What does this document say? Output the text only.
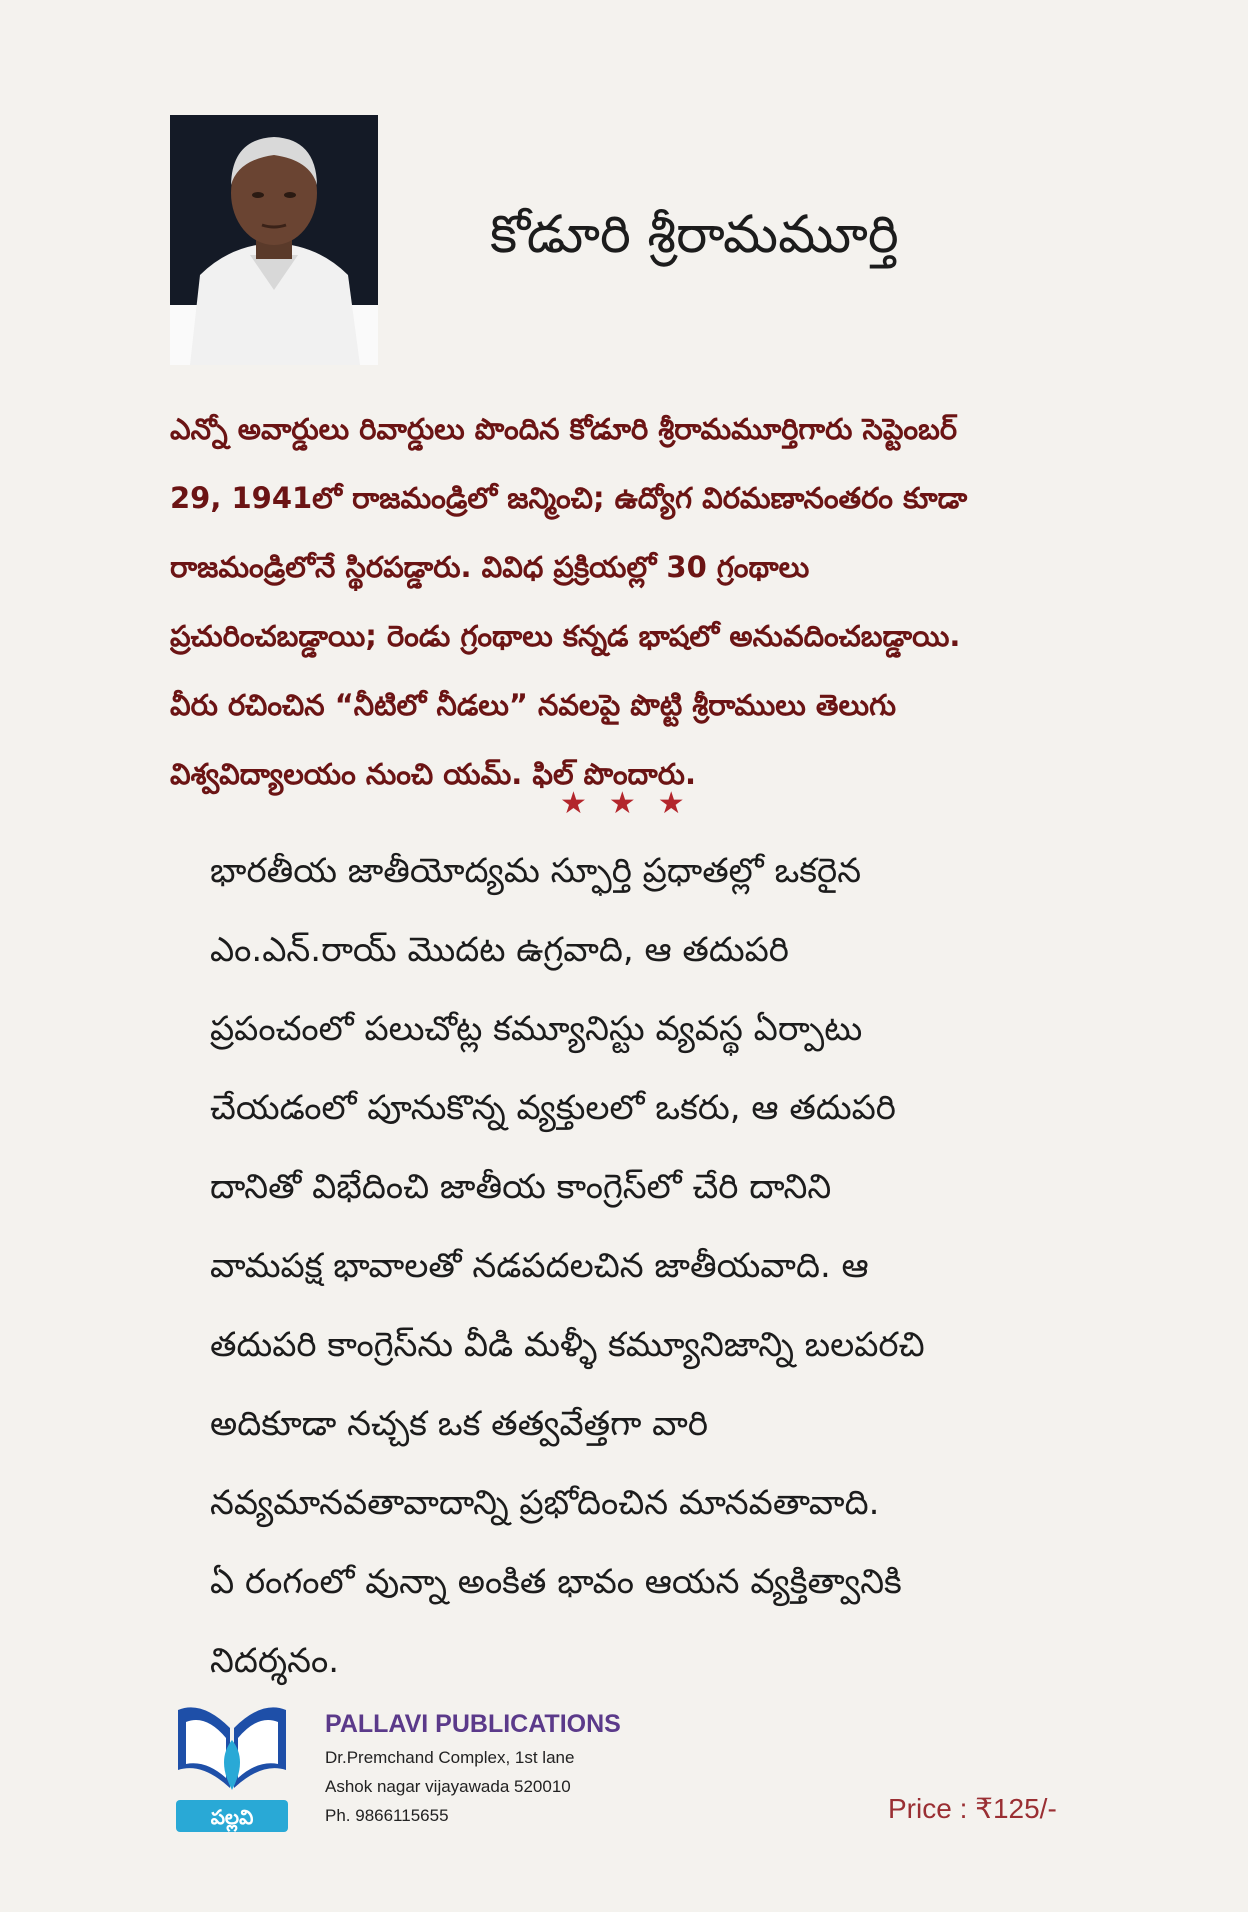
కోడూరి శ్రీరామమూర్తి
ఎన్నో అవార్డులు రివార్డులు పొందిన కోడూరి శ్రీరామమూర్తిగారు సెప్టెంబర్
29, 1941లో రాజమండ్రిలో జన్మించి; ఉద్యోగ విరమణానంతరం కూడా
రాజమండ్రిలోనే స్థిరపడ్డారు. వివిధ ప్రక్రియల్లో 30 గ్రంథాలు
ప్రచురించబడ్డాయి; రెండు గ్రంథాలు కన్నడ భాషలో అనువదించబడ్డాయి.
వీరు రచించిన “నీటిలో నీడలు” నవలపై పొట్టి శ్రీరాములు తెలుగు
విశ్వవిద్యాలయం నుంచి యమ్. ఫిల్ పొందారు.
★★★
భారతీయ జాతీయోద్యమ స్ఫూర్తి ప్రధాతల్లో ఒకరైన
ఎం.ఎన్.రాయ్ మొదట ఉగ్రవాది, ఆ తదుపరి
ప్రపంచంలో పలుచోట్ల కమ్యూనిస్టు వ్యవస్థ ఏర్పాటు
చేయడంలో పూనుకొన్న వ్యక్తులలో ఒకరు, ఆ తదుపరి
దానితో విభేదించి జాతీయ కాంగ్రెస్‌లో చేరి దానిని
వామపక్ష భావాలతో నడపదలచిన జాతీయవాది. ఆ
తదుపరి కాంగ్రెస్‌ను వీడి మళ్ళీ కమ్యూనిజాన్ని బలపరచి
అదికూడా నచ్చక ఒక తత్వవేత్తగా వారి
నవ్యమానవతావాదాన్ని ప్రభోదించిన మానవతావాది.
ఏ రంగంలో వున్నా అంకిత భావం ఆయన వ్యక్తిత్వానికి
నిదర్శనం.
పల్లవి
PALLAVI PUBLICATIONS
Dr.Premchand Complex, 1st lane
Ashok nagar vijayawada 520010
Ph. 9866115655	Price : ₹125/-
